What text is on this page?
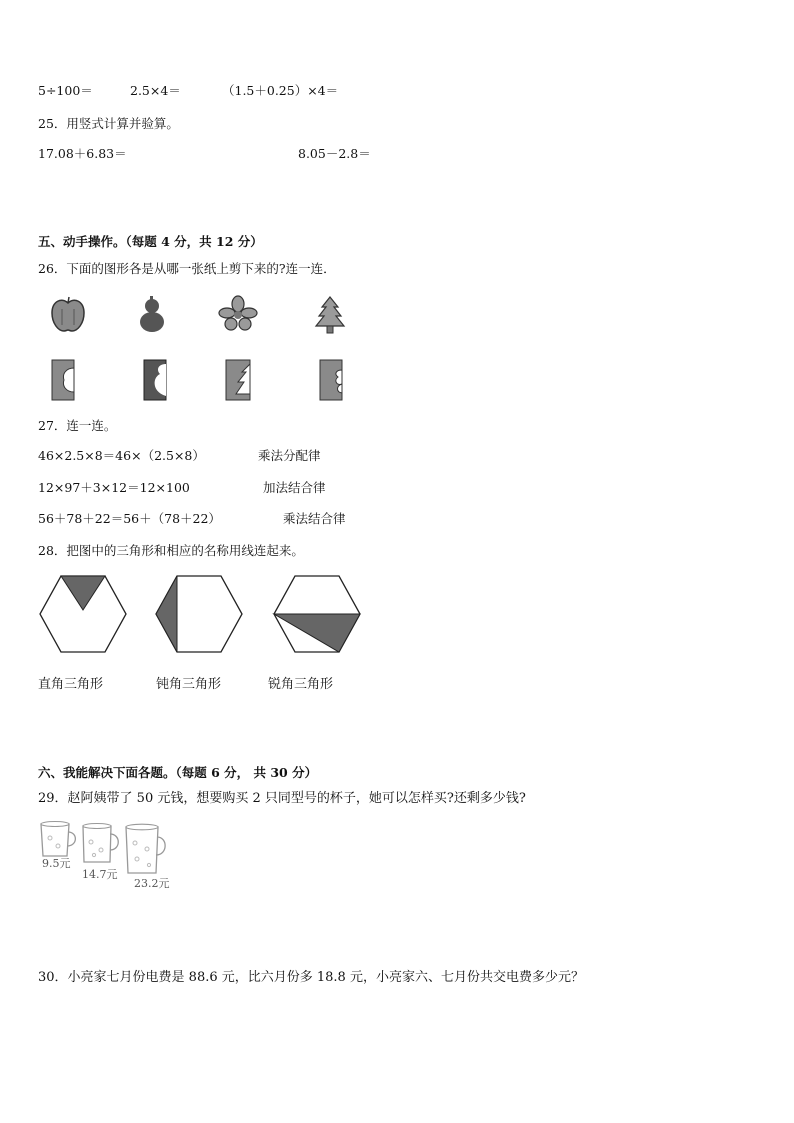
5÷100＝	2.5×4＝	（1.5＋0.25）×4＝
25．用竖式计算并验算。
17.08＋6.83＝	8.05－2.8＝
五、动手操作。（每题 4 分，共 12 分）
26．下面的图形各是从哪一张纸上剪下来的?连一连．
27．连一连。
46×2.5×8＝46×（2.5×8）	乘法分配律
12×97＋3×12＝12×100	加法结合律
56＋78＋22＝56＋（78＋22）	乘法结合律
28．把图中的三角形和相应的名称用线连起来。
直角三角形	钝角三角形	锐角三角形
六、我能解决下面各题。（每题 6 分， 共 30 分）
29．赵阿姨带了 50 元钱，想要购买 2 只同型号的杯子，她可以怎样买?还剩多少钱?
9.5元
14.7元
23.2元
30．小亮家七月份电费是 88.6 元，比六月份多 18.8 元，小亮家六、七月份共交电费多少元？
